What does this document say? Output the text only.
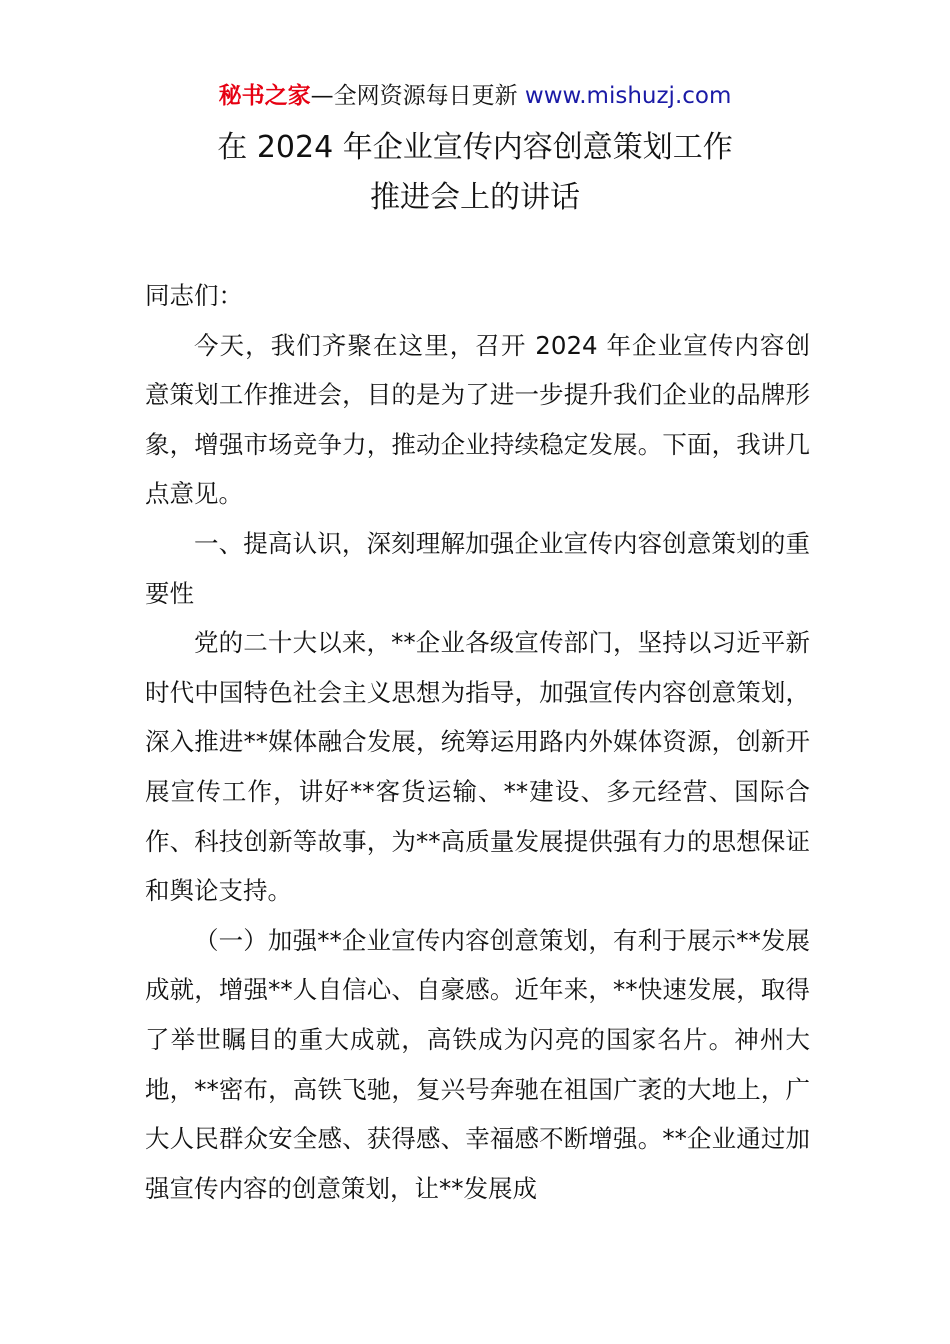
秘书之家—全网资源每日更新 www.mishuzj.com
在 2024 年企业宣传内容创意策划工作
推进会上的讲话

同志们：

今天，我们齐聚在这里，召开 2024 年企业宣传内容创意策划工作推进会，目的是为了进一步提升我们企业的品牌形象，增强市场竞争力，推动企业持续稳定发展。下面，我讲几点意见。

一、提高认识，深刻理解加强企业宣传内容创意策划的重要性

党的二十大以来，**企业各级宣传部门，坚持以习近平新时代中国特色社会主义思想为指导，加强宣传内容创意策划，深入推进**媒体融合发展，统筹运用路内外媒体资源，创新开展宣传工作，讲好**客货运输、**建设、多元经营、国际合作、科技创新等故事，为**高质量发展提供强有力的思想保证和舆论支持。

（一）加强**企业宣传内容创意策划，有利于展示**发展成就，增强**人自信心、自豪感。近年来，**快速发展，取得了举世瞩目的重大成就，高铁成为闪亮的国家名片。神州大地，**密布，高铁飞驰，复兴号奔驰在祖国广袤的大地上，广大人民群众安全感、获得感、幸福感不断增强。**企业通过加强宣传内容的创意策划，让**发展成
